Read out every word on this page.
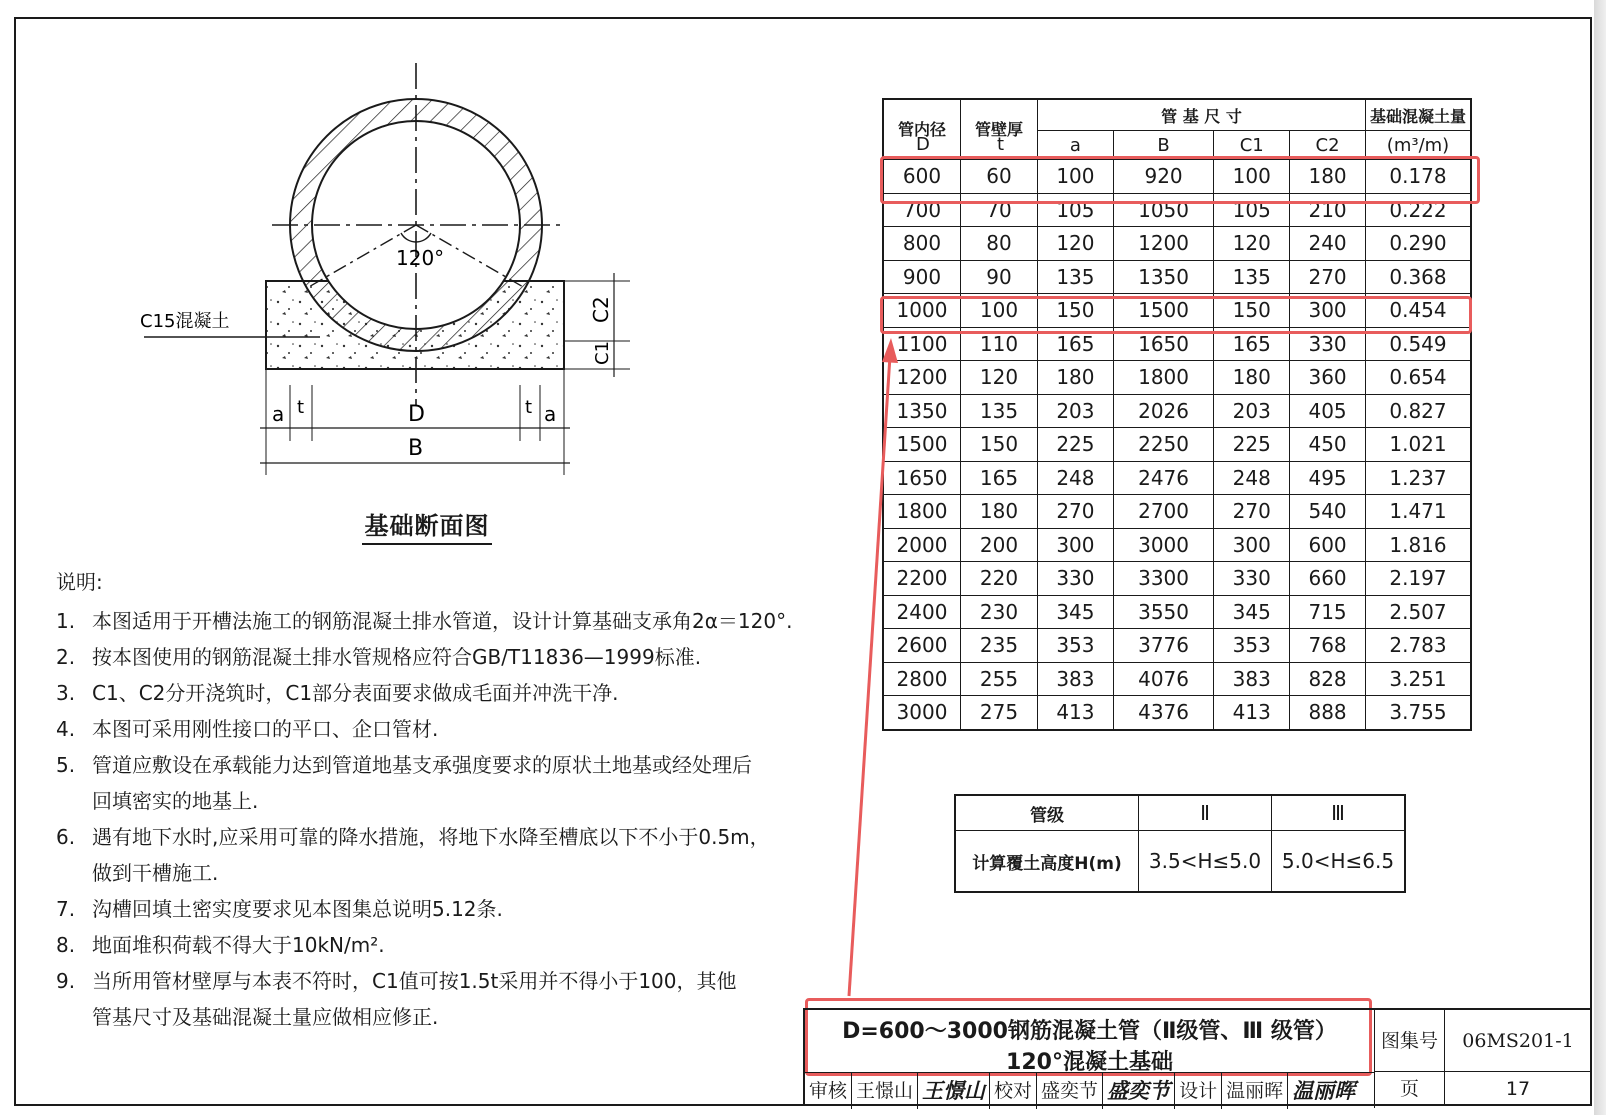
120°
C15混凝土	C2
C1
a t	D	t a
B
基础断面图
说明:
1. 本图适用于开槽法施工的钢筋混凝土排水管道，设计计算基础支承角2α＝120°.
2. 按本图使用的钢筋混凝土排水管规格应符合GB/T11836—1999标准.
3. C1、C2分开浇筑时，C1部分表面要求做成毛面并冲洗干净.
4. 本图可采用刚性接口的平口、企口管材.
5. 管道应敷设在承载能力达到管道地基支承强度要求的原状土地基或经处理后
回填密实的地基上.
6. 遇有地下水时,应采用可靠的降水措施，将地下水降至槽底以下不小于0.5m，
做到干槽施工.
7. 沟槽回填土密实度要求见本图集总说明5.12条.
8. 地面堆积荷载不得大于10kN/m².
9. 当所用管材壁厚与本表不符时，C1值可按1.5t采用并不得小于100，其他
管基尺寸及基础混凝土量应做相应修正.
管内径	管壁厚	管 基 尺 寸				基础混凝土量
		a	B	C1	C2	(m³/m)
600	60	100	920	100	180	0.178
700	70	105	1050	105	210	0.222
800	80	120	1200	120	240	0.290
900	90	135	1350	135	270	0.368
1000	100	150	1500	150	300	0.454
1100	110	165	1650	165	330	0.549
1200	120	180	1800	180	360	0.654
1350	135	203	2026	203	405	0.827
1500	150	225	2250	225	450	1.021
1650	165	248	2476	248	495	1.237
1800	180	270	2700	270	540	1.471
2000	200	300	3000	300	600	1.816
2200	220	330	3300	330	660	2.197
2400	230	345	3550	345	715	2.507
2600	235	353	3776	353	768	2.783
2800	255	383	4076	383	828	3.251
3000	275	413	4376	413	888	3.755
D	t
管级	Ⅱ	Ⅲ
计算覆土高度H(m)	3.5<H≤5.0	5.0<H≤6.5
D=600～3000钢筋混凝土管（Ⅱ级管、Ⅲ 级管）
120°混凝土基础
审核 王憬山 王憬山 校对 盛奕节 盛奕节 设计 温丽晖 温丽晖
图集号	06MS201-1
页	17
